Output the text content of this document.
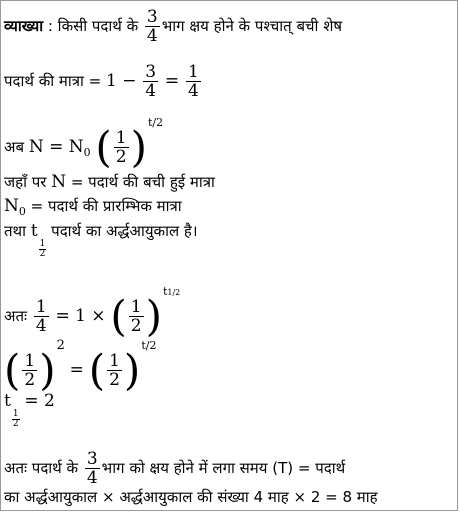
व्याख्या : किसी पदार्थ के $\frac{3}{4}$ भाग क्षय होने के पश्चात् बची शेष
पदार्थ की मात्रा = $1 - \frac{3}{4} = \frac{1}{4}$
अब $N = N_0$ ( $\frac{1}{2} )^{t/2}$
जहाँ पर N = पदार्थ की बची हुई मात्रा
$N_0$ = पदार्थ की प्रारम्भिक मात्रा
तथा t
$\frac{1}{2}$
पदार्थ का अर्द्धआयुकाल है।
अतः $\frac{1}{4} = 1$ × ( $\frac{1}{2} )^{t1/2}$
( $\frac{1}{2} )^2$ = ( $\frac{1}{2} )^{t/2}$
t
$\frac{1}{2}$
= 2
अतः पदार्थ के $\frac{3}{4}$ भाग को क्षय होने में लगा समय (T) = पदार्थ
का अर्द्धआयुकाल × अर्द्धआयुकाल की संख्या 4 माह × 2 = 8 माह
